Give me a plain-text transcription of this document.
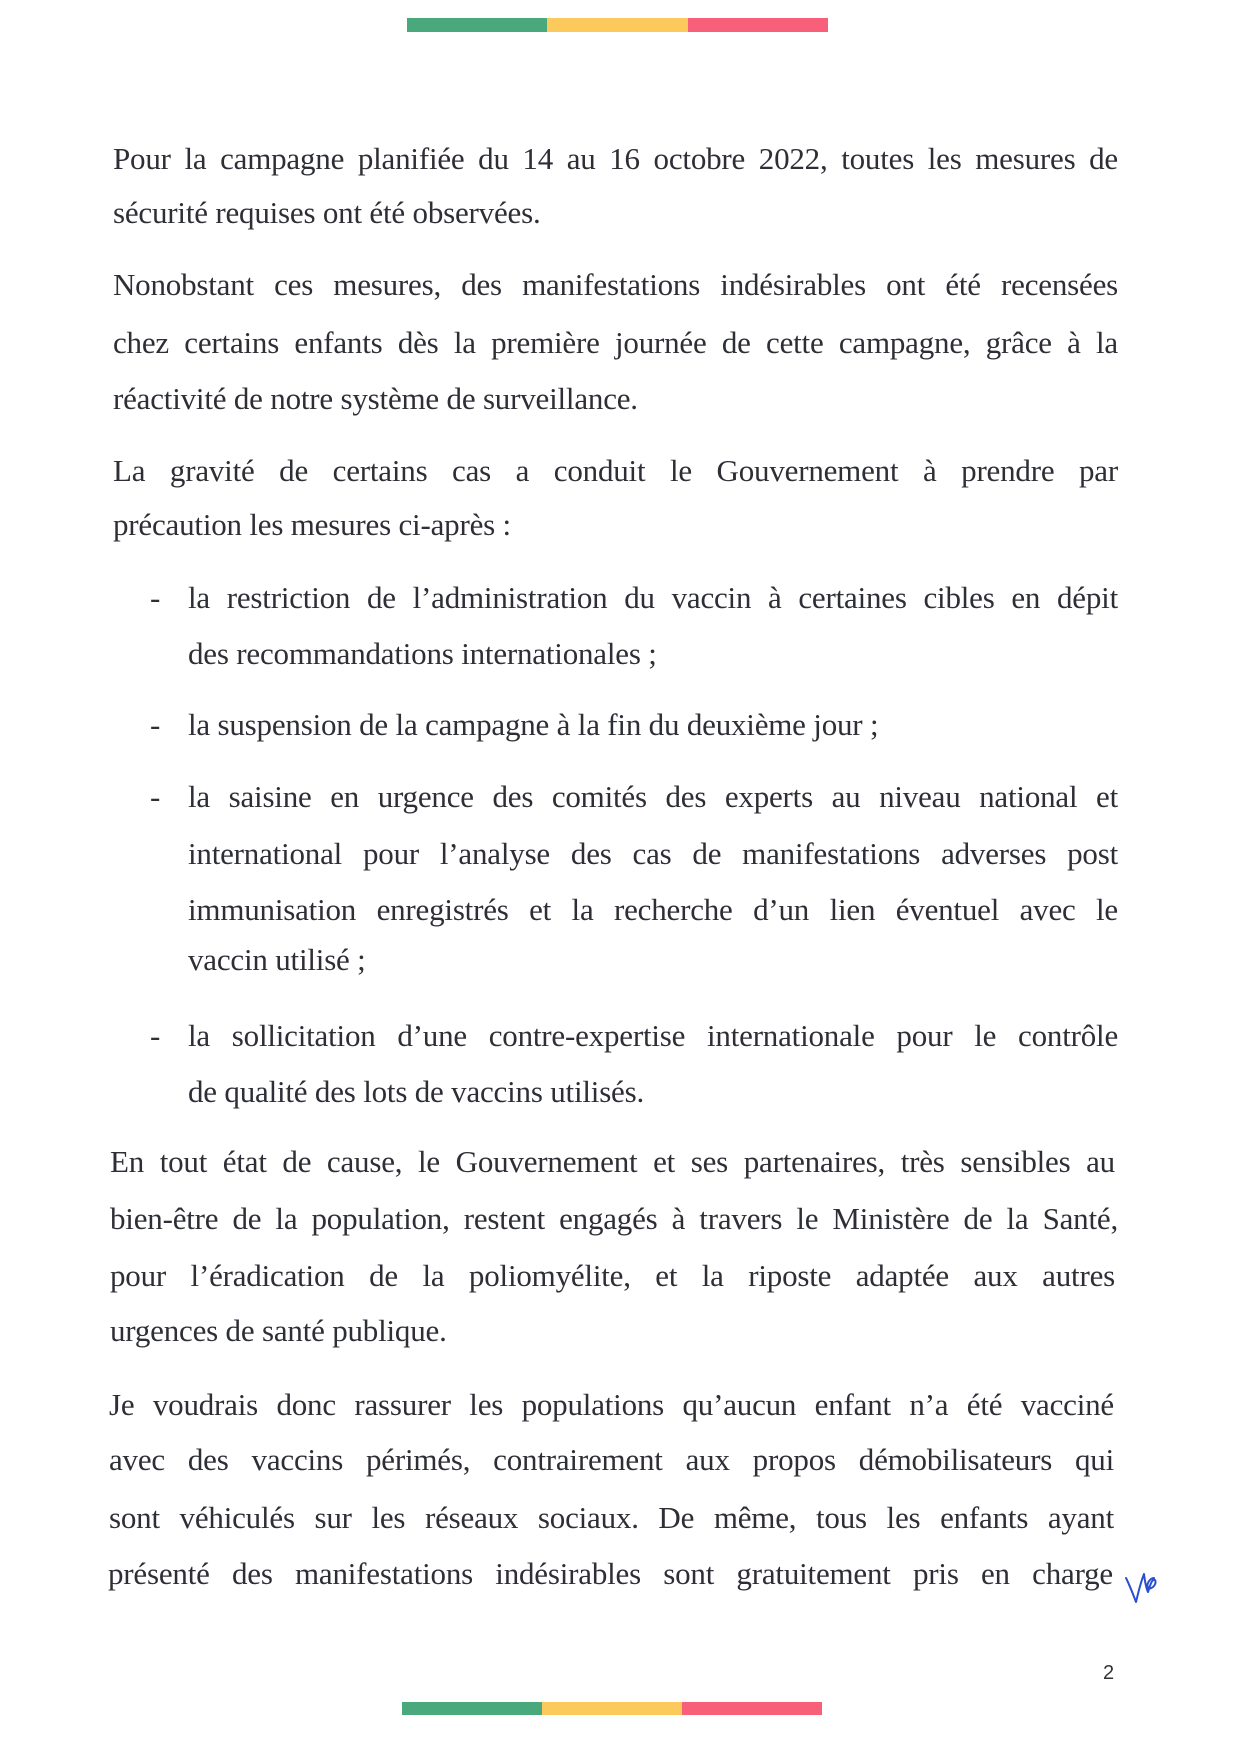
Pour la campagne planifiée du 14 au 16 octobre 2022, toutes les mesures de
sécurité requises ont été observées.
Nonobstant ces mesures, des manifestations indésirables ont été recensées
chez certains enfants dès la première journée de cette campagne, grâce à la
réactivité de notre système de surveillance.
La gravité de certains cas a conduit le Gouvernement à prendre par
précaution les mesures ci-après :
- la restriction de l’administration du vaccin à certaines cibles en dépit
des recommandations internationales ;
- la suspension de la campagne à la fin du deuxième jour ;
- la saisine en urgence des comités des experts au niveau national et
international pour l’analyse des cas de manifestations adverses post
immunisation enregistrés et la recherche d’un lien éventuel avec le
vaccin utilisé ;
- la sollicitation d’une contre-expertise internationale pour le contrôle
de qualité des lots de vaccins utilisés.
En tout état de cause, le Gouvernement et ses partenaires, très sensibles au
bien-être de la population, restent engagés à travers le Ministère de la Santé,
pour l’éradication de la poliomyélite, et la riposte adaptée aux autres
urgences de santé publique.
Je voudrais donc rassurer les populations qu’aucun enfant n’a été vacciné
avec des vaccins périmés, contrairement aux propos démobilisateurs qui
sont véhiculés sur les réseaux sociaux. De même, tous les enfants ayant
présenté des manifestations indésirables sont gratuitement pris en charge
2
